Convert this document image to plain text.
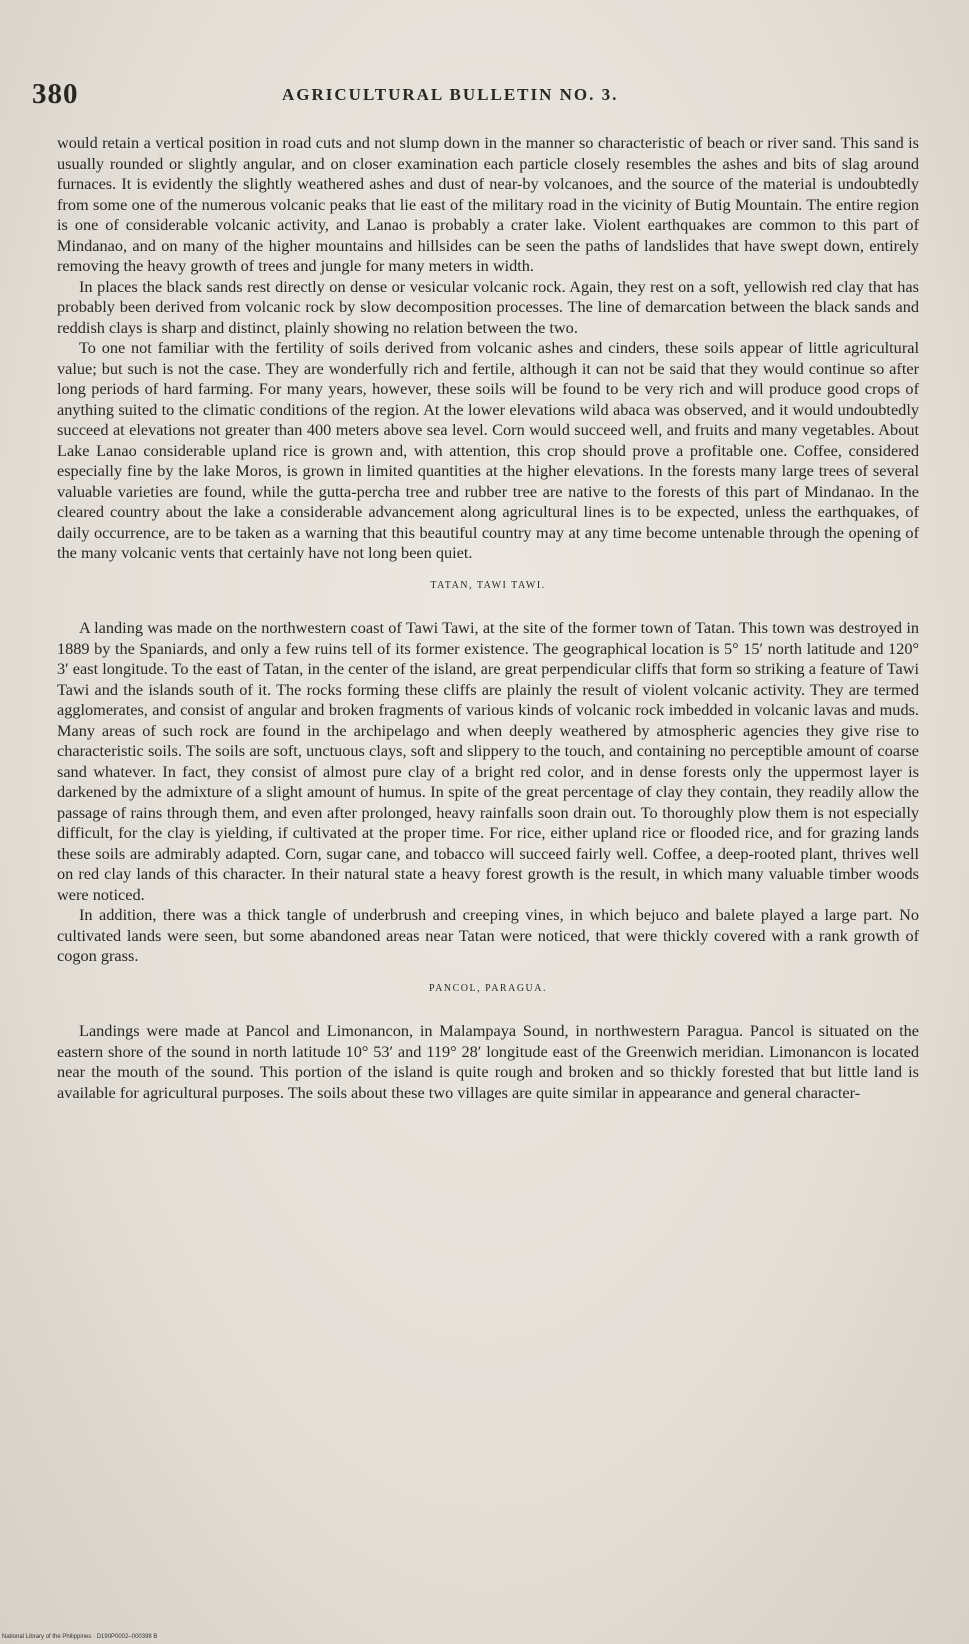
380	AGRICULTURAL BULLETIN NO. 3.

would retain a vertical position in road cuts and not slump down in the manner so characteristic of beach or river sand. This sand is usually rounded or slightly angular, and on closer examination each particle closely resembles the ashes and bits of slag around furnaces. It is evidently the slightly weathered ashes and dust of near-by volcanoes, and the source of the material is undoubtedly from some one of the numerous volcanic peaks that lie east of the military road in the vicinity of Butig Mountain. The entire region is one of considerable volcanic activity, and Lanao is probably a crater lake. Violent earthquakes are common to this part of Mindanao, and on many of the higher mountains and hillsides can be seen the paths of landslides that have swept down, entirely removing the heavy growth of trees and jungle for many meters in width.

In places the black sands rest directly on dense or vesicular volcanic rock. Again, they rest on a soft, yellowish red clay that has probably been derived from volcanic rock by slow decomposition processes. The line of demarcation between the black sands and reddish clays is sharp and distinct, plainly showing no relation between the two.

To one not familiar with the fertility of soils derived from volcanic ashes and cinders, these soils appear of little agricultural value; but such is not the case. They are wonderfully rich and fertile, although it can not be said that they would continue so after long periods of hard farming. For many years, however, these soils will be found to be very rich and will produce good crops of anything suited to the climatic conditions of the region. At the lower elevations wild abaca was observed, and it would undoubtedly succeed at elevations not greater than 400 meters above sea level. Corn would succeed well, and fruits and many vegetables. About Lake Lanao considerable upland rice is grown and, with attention, this crop should prove a profitable one. Coffee, considered especially fine by the lake Moros, is grown in limited quantities at the higher elevations. In the forests many large trees of several valuable varieties are found, while the gutta-percha tree and rubber tree are native to the forests of this part of Mindanao. In the cleared country about the lake a considerable advancement along agricultural lines is to be expected, unless the earthquakes, of daily occurrence, are to be taken as a warning that this beautiful country may at any time become untenable through the opening of the many volcanic vents that certainly have not long been quiet.

TATAN, TAWI TAWI.

A landing was made on the northwestern coast of Tawi Tawi, at the site of the former town of Tatan. This town was destroyed in 1889 by the Spaniards, and only a few ruins tell of its former existence. The geographical location is 5° 15′ north latitude and 120° 3′ east longitude. To the east of Tatan, in the center of the island, are great perpendicular cliffs that form so striking a feature of Tawi Tawi and the islands south of it. The rocks forming these cliffs are plainly the result of violent volcanic activity. They are termed agglomerates, and consist of angular and broken fragments of various kinds of volcanic rock imbedded in volcanic lavas and muds. Many areas of such rock are found in the archipelago and when deeply weathered by atmospheric agencies they give rise to characteristic soils. The soils are soft, unctuous clays, soft and slippery to the touch, and containing no perceptible amount of coarse sand whatever. In fact, they consist of almost pure clay of a bright red color, and in dense forests only the uppermost layer is darkened by the admixture of a slight amount of humus. In spite of the great percentage of clay they contain, they readily allow the passage of rains through them, and even after prolonged, heavy rainfalls soon drain out. To thoroughly plow them is not especially difficult, for the clay is yielding, if cultivated at the proper time. For rice, either upland rice or flooded rice, and for grazing lands these soils are admirably adapted. Corn, sugar cane, and tobacco will succeed fairly well. Coffee, a deep-rooted plant, thrives well on red clay lands of this character. In their natural state a heavy forest growth is the result, in which many valuable timber woods were noticed.

In addition, there was a thick tangle of underbrush and creeping vines, in which bejuco and balete played a large part. No cultivated lands were seen, but some abandoned areas near Tatan were noticed, that were thickly covered with a rank growth of cogon grass.

PANCOL, PARAGUA.

Landings were made at Pancol and Limonancon, in Malampaya Sound, in northwestern Paragua. Pancol is situated on the eastern shore of the sound in north latitude 10° 53′ and 119° 28′ longitude east of the Greenwich meridian. Limonancon is located near the mouth of the sound. This portion of the island is quite rough and broken and so thickly forested that but little land is available for agricultural purposes. The soils about these two villages are quite similar in appearance and general character-

National Library of the Philippines · D190P0002‒000398 B
